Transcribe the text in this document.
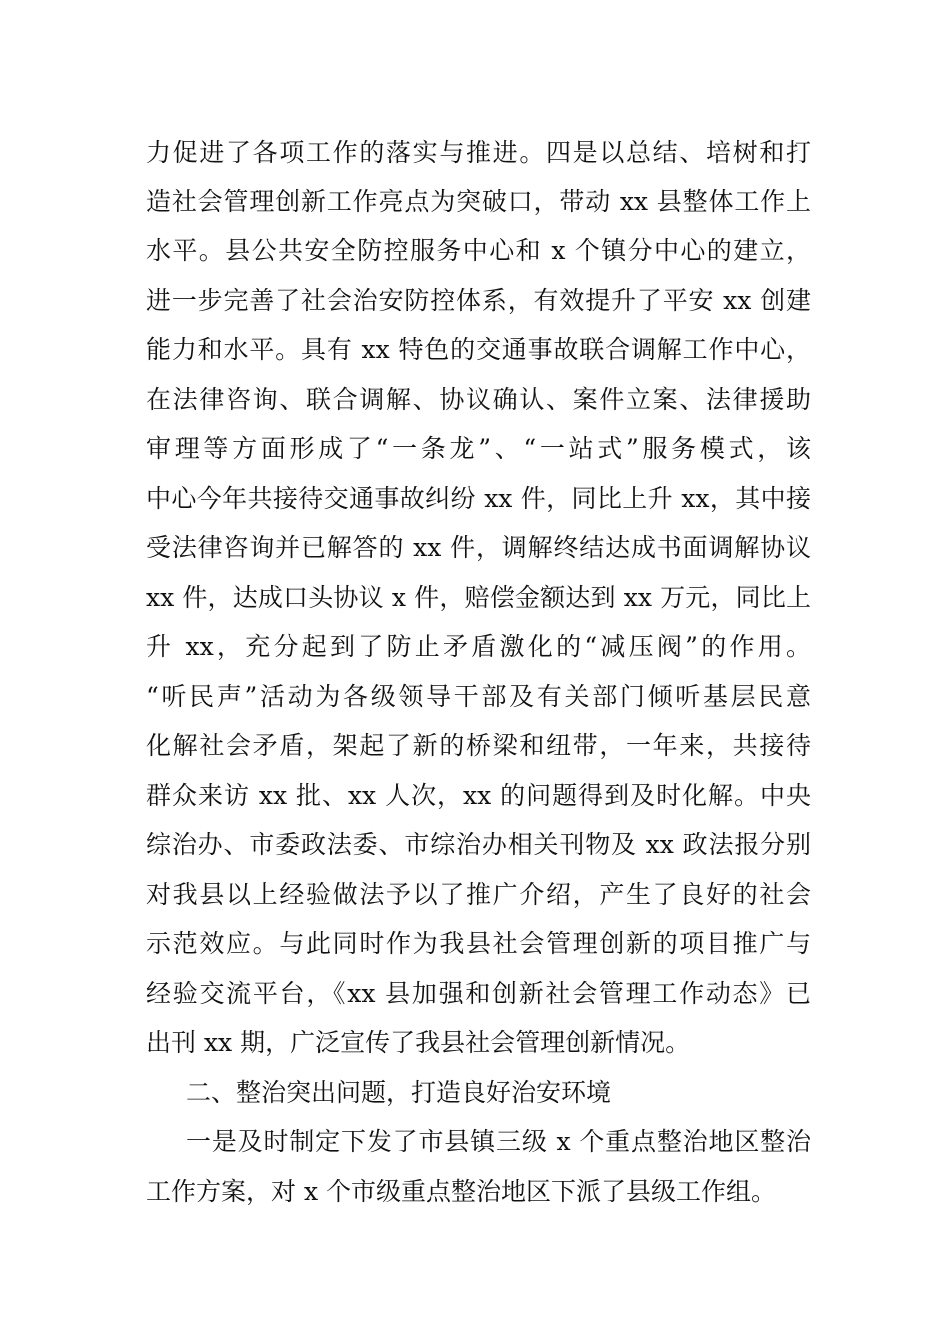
力促进了各项工作的落实与推进。四是以总结、培树和打
造社会管理创新工作亮点为突破口，带动 xx 县整体工作上
水平。县公共安全防控服务中心和 x 个镇分中心的建立，
进一步完善了社会治安防控体系，有效提升了平安 xx 创建
能力和水平。具有 xx 特色的交通事故联合调解工作中心，
在法律咨询、联合调解、协议确认、案件立案、法律援助
审理等方面形成了“一条龙”、“一站式”服务模式，该
中心今年共接待交通事故纠纷 xx 件，同比上升 xx，其中接
受法律咨询并已解答的 xx 件，调解终结达成书面调解协议
xx 件，达成口头协议 x 件，赔偿金额达到 xx 万元，同比上
升 xx，充分起到了防止矛盾激化的“减压阀”的作用。
“听民声”活动为各级领导干部及有关部门倾听基层民意
化解社会矛盾，架起了新的桥梁和纽带，一年来，共接待
群众来访 xx 批、xx 人次，xx 的问题得到及时化解。中央
综治办、市委政法委、市综治办相关刊物及 xx 政法报分别
对我县以上经验做法予以了推广介绍，产生了良好的社会
示范效应。与此同时作为我县社会管理创新的项目推广与
经验交流平台，《xx 县加强和创新社会管理工作动态》已
出刊 xx 期，广泛宣传了我县社会管理创新情况。
二、整治突出问题，打造良好治安环境
一是及时制定下发了市县镇三级 x 个重点整治地区整治
工作方案，对 x 个市级重点整治地区下派了县级工作组。
